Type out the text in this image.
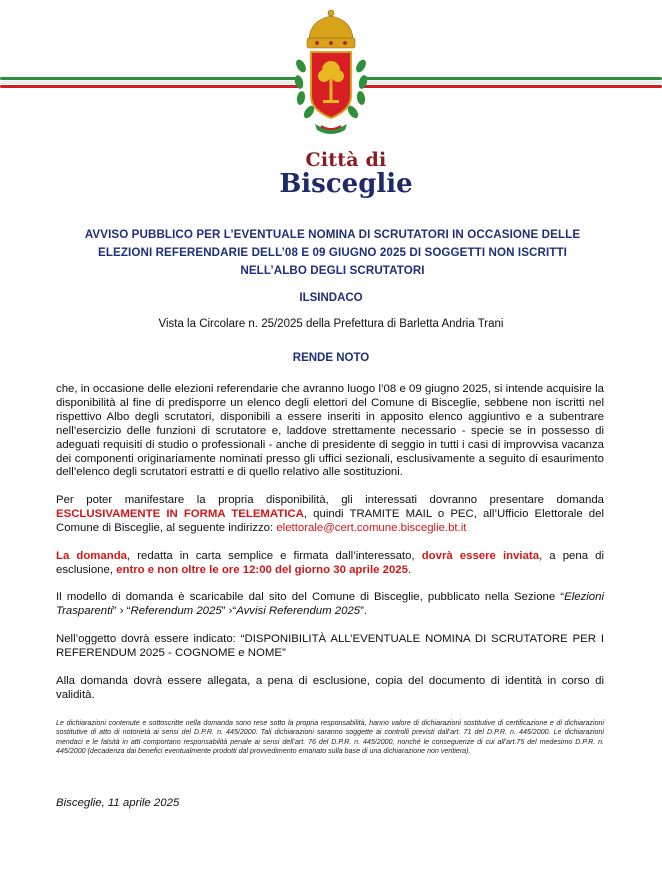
Città di
Bisceglie
AVVISO PUBBLICO PER L’EVENTUALE NOMINA DI SCRUTATORI IN OCCASIONE DELLE
ELEZIONI REFERENDARIE DELL’08 E 09 GIUGNO 2025 DI SOGGETTI NON ISCRITTI
NELL’ALBO DEGLI SCRUTATORI
ILSINDACO
Vista la Circolare n. 25/2025 della Prefettura di Barletta Andria Trani
RENDE NOTO
che, in occasione delle elezioni referendarie che avranno luogo l’08 e 09 giugno 2025, si intende acquisire la disponibilità al fine di predisporre un elenco degli elettori del Comune di Bisceglie, sebbene non iscritti nel rispettivo Albo degli scrutatori, disponibili a essere inseriti in apposito elenco aggiuntivo e a subentrare nell’esercizio delle funzioni di scrutatore e, laddove strettamente necessario - specie se in possesso di adeguati requisiti di studio o professionali - anche di presidente di seggio in tutti i casi di improvvisa vacanza dei componenti originariamente nominati presso gli uffici sezionali, esclusivamente a seguito di esaurimento dell’elenco degli scrutatori estratti e di quello relativo alle sostituzioni.
Per poter manifestare la propria disponibilità, gli interessati dovranno presentare domanda ESCLUSIVAMENTE IN FORMA TELEMATICA, quindi TRAMITE MAIL o PEC, all’Ufficio Elettorale del Comune di Bisceglie, al seguente indirizzo: elettorale@cert.comune.bisceglie.bt.it
La domanda, redatta in carta semplice e firmata dall’interessato, dovrà essere inviata, a pena di esclusione, entro e non oltre le ore 12:00 del giorno 30 aprile 2025.
Il modello di domanda è scaricabile dal sito del Comune di Bisceglie, pubblicato nella Sezione “Elezioni Trasparenti” › “Referendum 2025” ›“Avvisi Referendum 2025”.
Nell’oggetto dovrà essere indicato: “DISPONIBILITÀ ALL’EVENTUALE NOMINA DI SCRUTATORE PER I REFERENDUM 2025 - COGNOME e NOME”
Alla domanda dovrà essere allegata, a pena di esclusione, copia del documento di identità in corso di validità.
Le dichiarazioni contenute e sottoscritte nella domanda sono rese sotto la propria responsabilità, hanno valore di dichiarazioni sostitutive di certificazione e di dichiarazioni sostitutive di atto di notorietà ai sensi del D.P.R. n. 445/2000. Tali dichiarazioni saranno soggette ai controlli previsti dall’art. 71 del D.P.R. n. 445/2000. Le dichiarazioni mendaci e le falsità in atti comportano responsabilità penale ai sensi dell’art. 76 del D.P.R. n. 445/2000, nonché le conseguenze di cui all’art.75 del medesimo D.P.R. n. 445/2000 (decadenza dai benefici eventualmente prodotti dal provvedimento emanato sulla base di una dichiarazione non veritiera).
Bisceglie, 11 aprile 2025
